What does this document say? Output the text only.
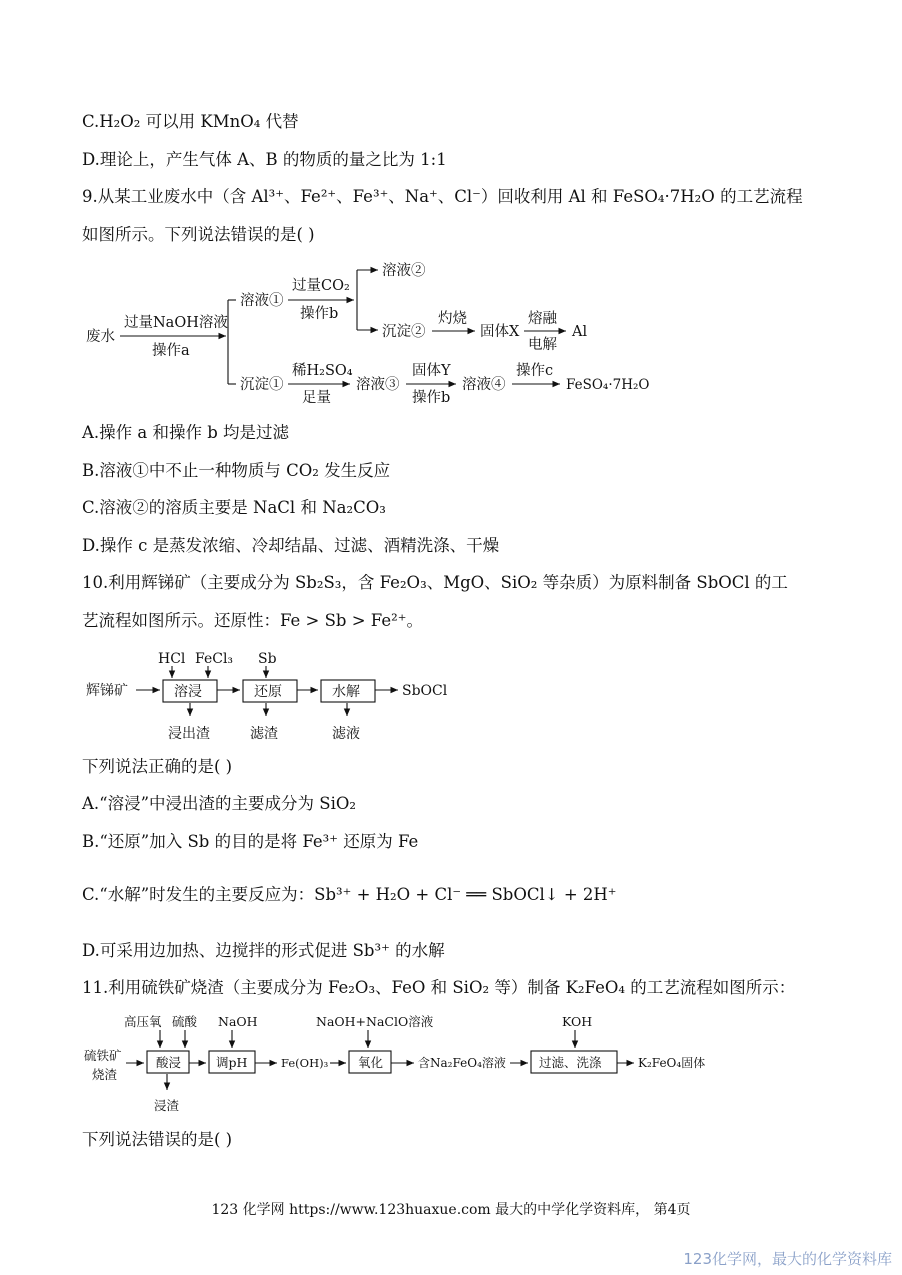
C.H₂O₂ 可以用 KMnO₄ 代替
D.理论上，产生气体 A、B 的物质的量之比为 1:1
9.从某工业废水中（含 Al³⁺、Fe²⁺、Fe³⁺、Na⁺、Cl⁻）回收利用 Al 和 FeSO₄·7H₂O 的工艺流程
如图所示。下列说法错误的是( )
废水
过量NaOH溶液
操作a
溶液①
过量CO₂
操作b
溶液②
沉淀②
灼烧
固体X
熔融
电解
Al
沉淀①
稀H₂SO₄
足量
溶液③
固体Y
操作b
溶液④
操作c
FeSO₄·7H₂O
A.操作 a 和操作 b 均是过滤
B.溶液①中不止一种物质与 CO₂ 发生反应
C.溶液②的溶质主要是 NaCl 和 Na₂CO₃
D.操作 c 是蒸发浓缩、冷却结晶、过滤、酒精洗涤、干燥
10.利用辉锑矿（主要成分为 Sb₂S₃，含 Fe₂O₃、MgO、SiO₂ 等杂质）为原料制备 SbOCl 的工
艺流程如图所示。还原性：Fe > Sb > Fe²⁺。
辉锑矿
HCl FeCl₃
溶浸
浸出渣
Sb
还原
滤渣
水解
滤液
SbOCl
下列说法正确的是( )
A.“溶浸”中浸出渣的主要成分为 SiO₂
B.“还原”加入 Sb 的目的是将 Fe³⁺ 还原为 Fe
C.“水解”时发生的主要反应为：Sb³⁺ + H₂O + Cl⁻ ══ SbOCl↓ + 2H⁺
D.可采用边加热、边搅拌的形式促进 Sb³⁺ 的水解
11.利用硫铁矿烧渣（主要成分为 Fe₂O₃、FeO 和 SiO₂ 等）制备 K₂FeO₄ 的工艺流程如图所示：
硫铁矿
烧渣
高压氧 硫酸
酸浸
浸渣
NaOH
调pH	Fe(OH)₃
NaOH+NaClO溶液
氧化	含Na₂FeO₄溶液
KOH
过滤、洗涤	K₂FeO₄固体
下列说法错误的是( )
123 化学网 https://www.123huaxue.com 最大的中学化学资料库， 第4页
123化学网，最大的化学资料库
